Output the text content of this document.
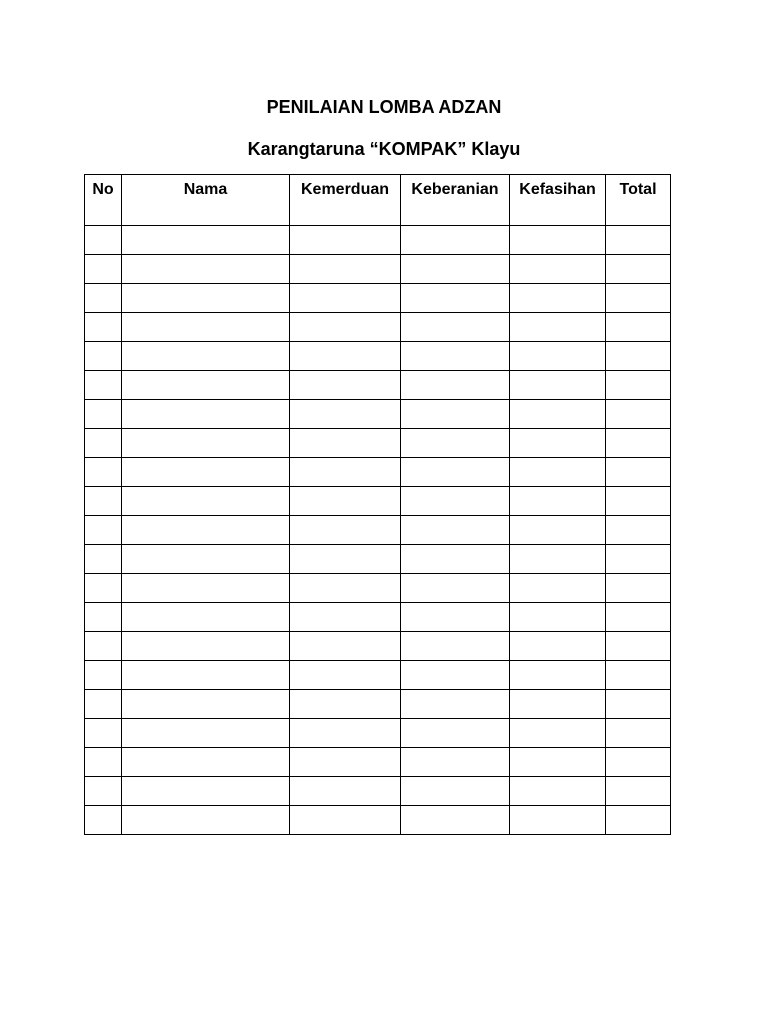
PENILAIAN LOMBA ADZAN
Karangtaruna “KOMPAK” Klayu
No	Nama	Kemerduan	Keberanian	Kefasihan	Total
